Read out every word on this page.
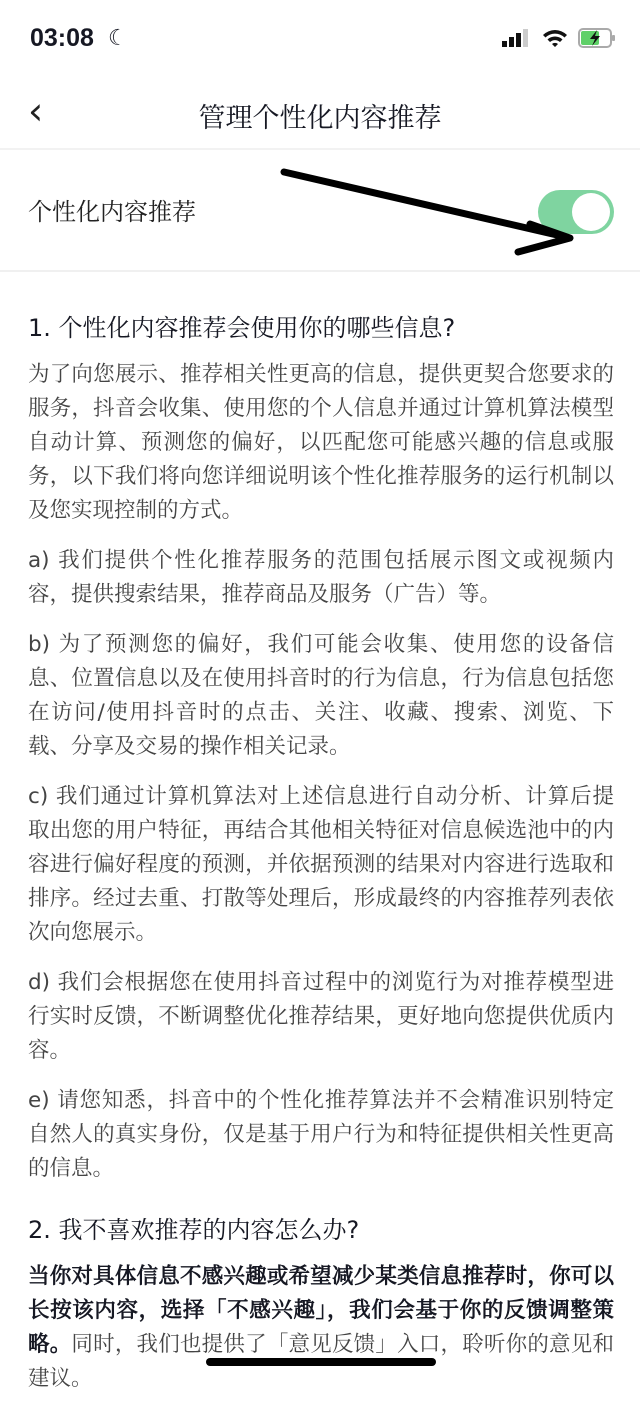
03:08 ☾
‹	管理个性化内容推荐
个性化内容推荐
1. 个性化内容推荐会使用你的哪些信息?

为了向您展示、推荐相关性更高的信息，提供更契合您要求的服务，抖音会收集、使用您的个人信息并通过计算机算法模型自动计算、预测您的偏好，以匹配您可能感兴趣的信息或服务，以下我们将向您详细说明该个性化推荐服务的运行机制以及您实现控制的方式。

a) 我们提供个性化推荐服务的范围包括展示图文或视频内容，提供搜索结果，推荐商品及服务（广告）等。

b) 为了预测您的偏好，我们可能会收集、使用您的设备信息、位置信息以及在使用抖音时的行为信息，行为信息包括您在访问/使用抖音时的点击、关注、收藏、搜索、浏览、下载、分享及交易的操作相关记录。

c) 我们通过计算机算法对上述信息进行自动分析、计算后提取出您的用户特征，再结合其他相关特征对信息候选池中的内容进行偏好程度的预测，并依据预测的结果对内容进行选取和排序。经过去重、打散等处理后，形成最终的内容推荐列表依次向您展示。

d) 我们会根据您在使用抖音过程中的浏览行为对推荐模型进行实时反馈，不断调整优化推荐结果，更好地向您提供优质内容。

e) 请您知悉，抖音中的个性化推荐算法并不会精准识别特定自然人的真实身份，仅是基于用户行为和特征提供相关性更高的信息。

2. 我不喜欢推荐的内容怎么办?

当你对具体信息不感兴趣或希望减少某类信息推荐时，你可以长按该内容，选择「不感兴趣」，我们会基于你的反馈调整策略。同时，我们也提供了「意见反馈」入口，聆听你的意见和建议。
